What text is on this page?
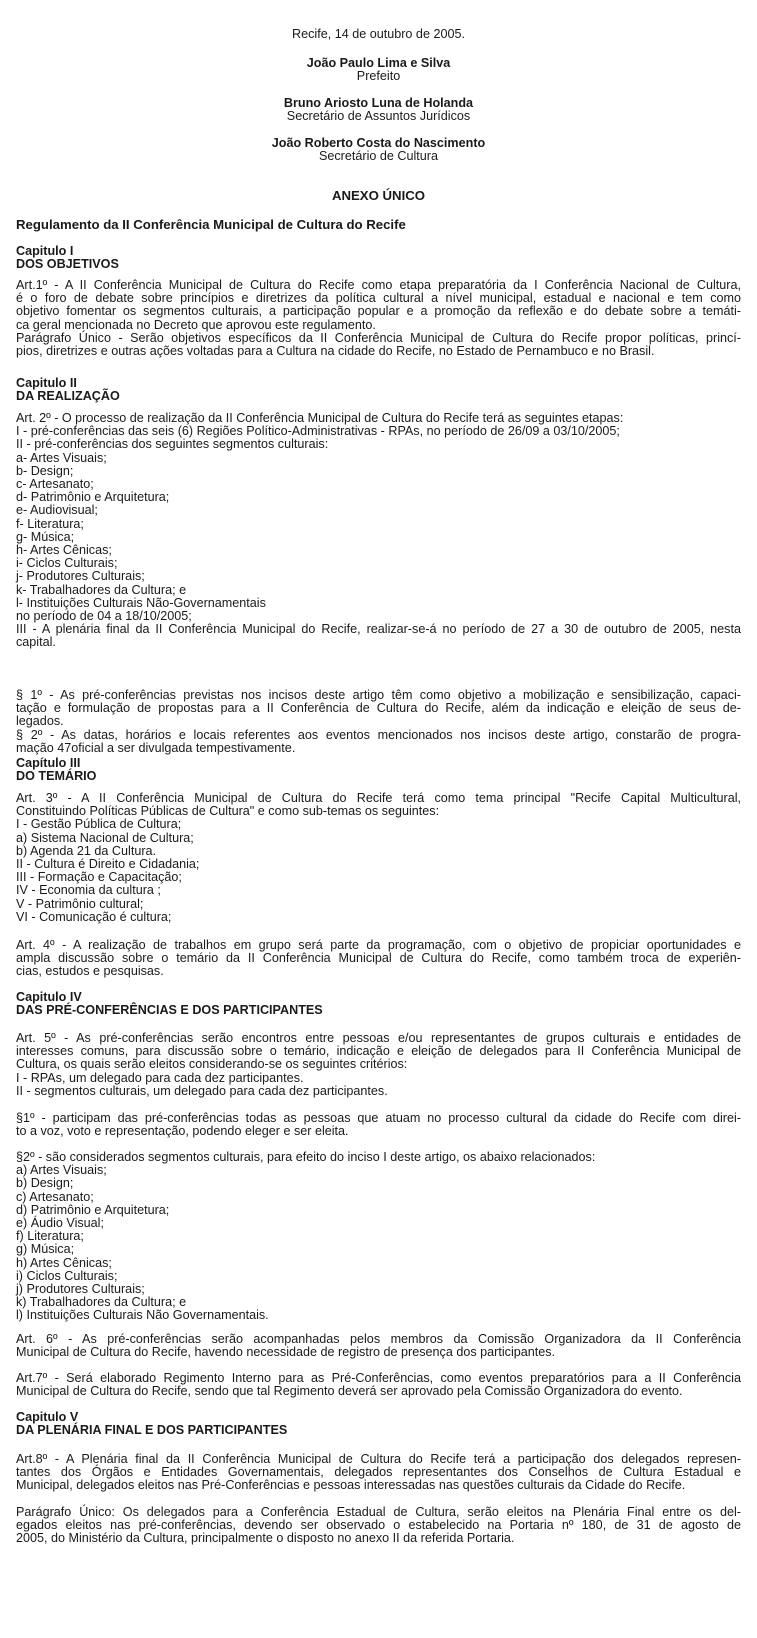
Recife, 14 de outubro de 2005.

João Paulo Lima e Silva

Prefeito

Bruno Ariosto Luna de Holanda

Secretário de Assuntos Jurídicos

João Roberto Costa do Nascimento

Secretário de Cultura

ANEXO ÚNICO

Regulamento da II Conferência Municipal de Cultura do Recife

Capitulo I
DOS OBJETIVOS
Art.1º - A II Conferência Municipal de Cultura do Recife como etapa preparatória da I Conferência Nacional de Cultura,
é o foro de debate sobre princípios e diretrizes da política cultural a nível municipal, estadual e nacional e tem como
objetivo fomentar os segmentos culturais, a participação popular e a promoção da reflexão e do debate sobre a temáti-
ca geral mencionada no Decreto que aprovou este regulamento.
Parágrafo Único - Serão objetivos específicos da II Conferência Municipal de Cultura do Recife propor políticas, princí-
pios, diretrizes e outras ações voltadas para a Cultura na cidade do Recife, no Estado de Pernambuco e no Brasil.
Capitulo II
DA REALIZAÇÃO
Art. 2º - O processo de realização da II Conferência Municipal de Cultura do Recife terá as seguintes etapas:
I - pré-conferências das seis (6) Regiões Político-Administrativas - RPAs, no período de 26/09 a 03/10/2005;
II - pré-conferências dos seguintes segmentos culturais:
a- Artes Visuais;
b- Design;
c- Artesanato;
d- Patrimônio e Arquitetura;
e- Audiovisual;
f- Literatura;
g- Música;
h- Artes Cênicas;
i- Ciclos Culturais;
j- Produtores Culturais;
k- Trabalhadores da Cultura; e
l- Instituições Culturais Não-Governamentais
no período de 04 a 18/10/2005;
III - A plenária final da II Conferência Municipal do Recife, realizar-se-á no período de 27 a 30 de outubro de 2005, nesta
capital.
§ 1º - As pré-conferências previstas nos incisos deste artigo têm como objetivo a mobilização e sensibilização, capaci-
tação e formulação de propostas para a II Conferência de Cultura do Recife, além da indicação e eleição de seus de-
legados.
§ 2º - As datas, horários e locais referentes aos eventos mencionados nos incisos deste artigo, constarão de progra-
mação 47oficial a ser divulgada tempestivamente.
Capítulo III
DO TEMÁRIO
Art. 3º - A II Conferência Municipal de Cultura do Recife terá como tema principal "Recife Capital Multicultural,
Constituindo Políticas Públicas de Cultura" e como sub-temas os seguintes:
I - Gestão Pública de Cultura;
a) Sistema Nacional de Cultura;
b) Agenda 21 da Cultura.
II - Cultura é Direito e Cidadania;
III - Formação e Capacitação;
IV - Economia da cultura ;
V - Patrimônio cultural;
VI - Comunicação é cultura;
Art. 4º - A realização de trabalhos em grupo será parte da programação, com o objetivo de propiciar oportunidades e
ampla discussão sobre o temário da II Conferência Municipal de Cultura do Recife, como também troca de experiên-
cias, estudos e pesquisas.
Capitulo IV
DAS PRÉ-CONFERÊNCIAS E DOS PARTICIPANTES
Art. 5º - As pré-conferências serão encontros entre pessoas e/ou representantes de grupos culturais e entidades de
interesses comuns, para discussão sobre o temário, indicação e eleição de delegados para II Conferência Municipal de
Cultura, os quais serão eleitos considerando-se os seguintes critérios:
I - RPAs, um delegado para cada dez participantes.
II - segmentos culturais, um delegado para cada dez participantes.
§1º - participam das pré-conferências todas as pessoas que atuam no processo cultural da cidade do Recife com direi-
to a voz, voto e representação, podendo eleger e ser eleita.
§2º - são considerados segmentos culturais, para efeito do inciso I deste artigo, os abaixo relacionados:
a) Artes Visuais;
b) Design;
c) Artesanato;
d) Patrimônio e Arquitetura;
e) Áudio Visual;
f) Literatura;
g) Música;
h) Artes Cênicas;
i) Ciclos Culturais;
j) Produtores Culturais;
k) Trabalhadores da Cultura; e
l) Instituições Culturais Não Governamentais.
Art. 6º - As pré-conferências serão acompanhadas pelos membros da Comissão Organizadora da II Conferência
Municipal de Cultura do Recife, havendo necessidade de registro de presença dos participantes.
Art.7º - Será elaborado Regimento Interno para as Pré-Conferências, como eventos preparatórios para a II Conferência
Municipal de Cultura do Recife, sendo que tal Regimento deverá ser aprovado pela Comissão Organizadora do evento.
Capitulo V
DA PLENÁRIA FINAL E DOS PARTICIPANTES
Art.8º - A Plenária final da II Conferência Municipal de Cultura do Recife terá a participação dos delegados represen-
tantes dos Órgãos e Entidades Governamentais, delegados representantes dos Conselhos de Cultura Estadual e
Municipal, delegados eleitos nas Pré-Conferências e pessoas interessadas nas questões culturais da Cidade do Recife.
Parágrafo Único: Os delegados para a Conferência Estadual de Cultura, serão eleitos na Plenária Final entre os del-
egados eleitos nas pré-conferências, devendo ser observado o estabelecido na Portaria nº 180, de 31 de agosto de
2005, do Ministério da Cultura, principalmente o disposto no anexo II da referida Portaria.
